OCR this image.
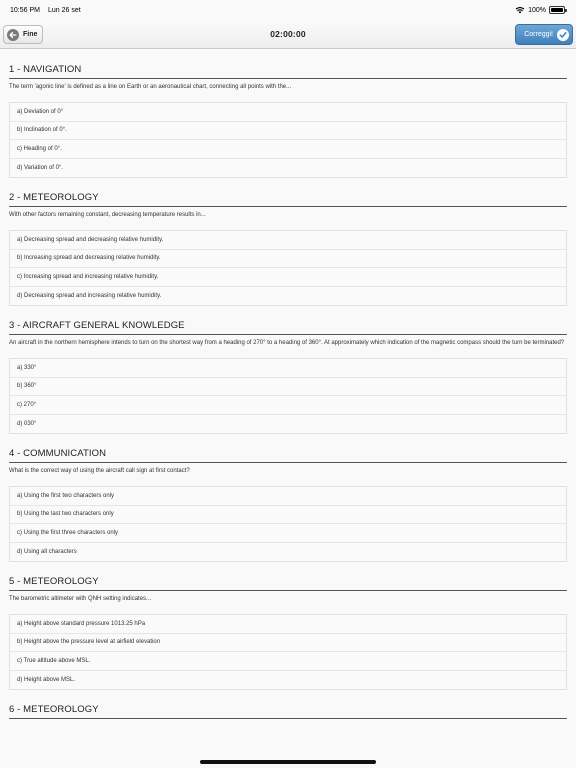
10:56 PM Lun 26 set	100%
Fine	02:00:00	Correggi!
1 - NAVIGATION
The term 'agonic line' is defined as a line on Earth or an aeronautical chart, connecting all points with the...
a) Deviation of 0°
b) Inclination of 0°.
c) Heading of 0°.
d) Variation of 0°.
2 - METEOROLOGY
With other factors remaining constant, decreasing temperature results in...
a) Decreasing spread and decreasing relative humidity.
b) Increasing spread and decreasing relative humidity.
c) Increasing spread and increasing relative humidity.
d) Decreasing spread and increasing relative humidity.
3 - AIRCRAFT GENERAL KNOWLEDGE
An aircraft in the northern hemisphere intends to turn on the shortest way from a heading of 270° to a heading of 360°. At approximately which indication of the magnetic compass should the turn be terminated?
a) 330°
b) 360°
c) 270°
d) 030°
4 - COMMUNICATION
What is the correct way of using the aircraft call sign at first contact?
a) Using the first two characters only
b) Using the last two characters only
c) Using the first three characters only
d) Using all characters
5 - METEOROLOGY
The barometric altimeter with QNH setting indicates...
a) Height above standard pressure 1013.25 hPa
b) Height above the pressure level at airfield elevation
c) True altitude above MSL.
d) Height above MSL.
6 - METEOROLOGY
